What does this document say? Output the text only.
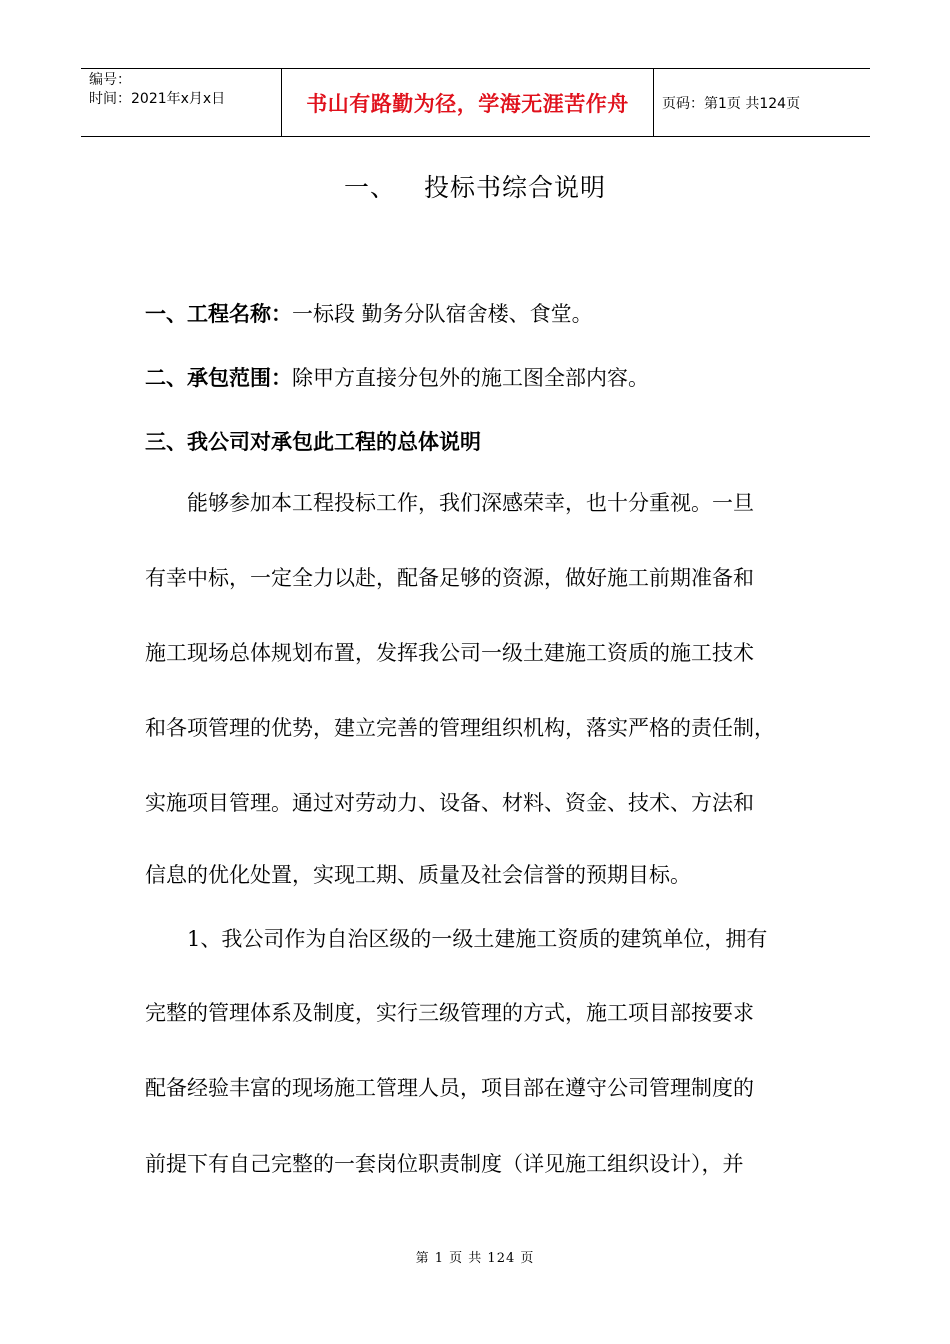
编号：
时间：2021年x月x日	书山有路勤为径，学海无涯苦作舟	页码：第1页 共124页
一、 投标书综合说明
一、工程名称：一标段 勤务分队宿舍楼、食堂。
二、承包范围：除甲方直接分包外的施工图全部内容。
三、我公司对承包此工程的总体说明
能够参加本工程投标工作，我们深感荣幸，也十分重视。一旦
有幸中标，一定全力以赴，配备足够的资源，做好施工前期准备和
施工现场总体规划布置，发挥我公司一级土建施工资质的施工技术
和各项管理的优势，建立完善的管理组织机构，落实严格的责任制，
实施项目管理。通过对劳动力、设备、材料、资金、技术、方法和
信息的优化处置，实现工期、质量及社会信誉的预期目标。
1、我公司作为自治区级的一级土建施工资质的建筑单位，拥有
完整的管理体系及制度，实行三级管理的方式，施工项目部按要求
配备经验丰富的现场施工管理人员，项目部在遵守公司管理制度的
前提下有自己完整的一套岗位职责制度（详见施工组织设计），并
第 1 页 共 124 页
